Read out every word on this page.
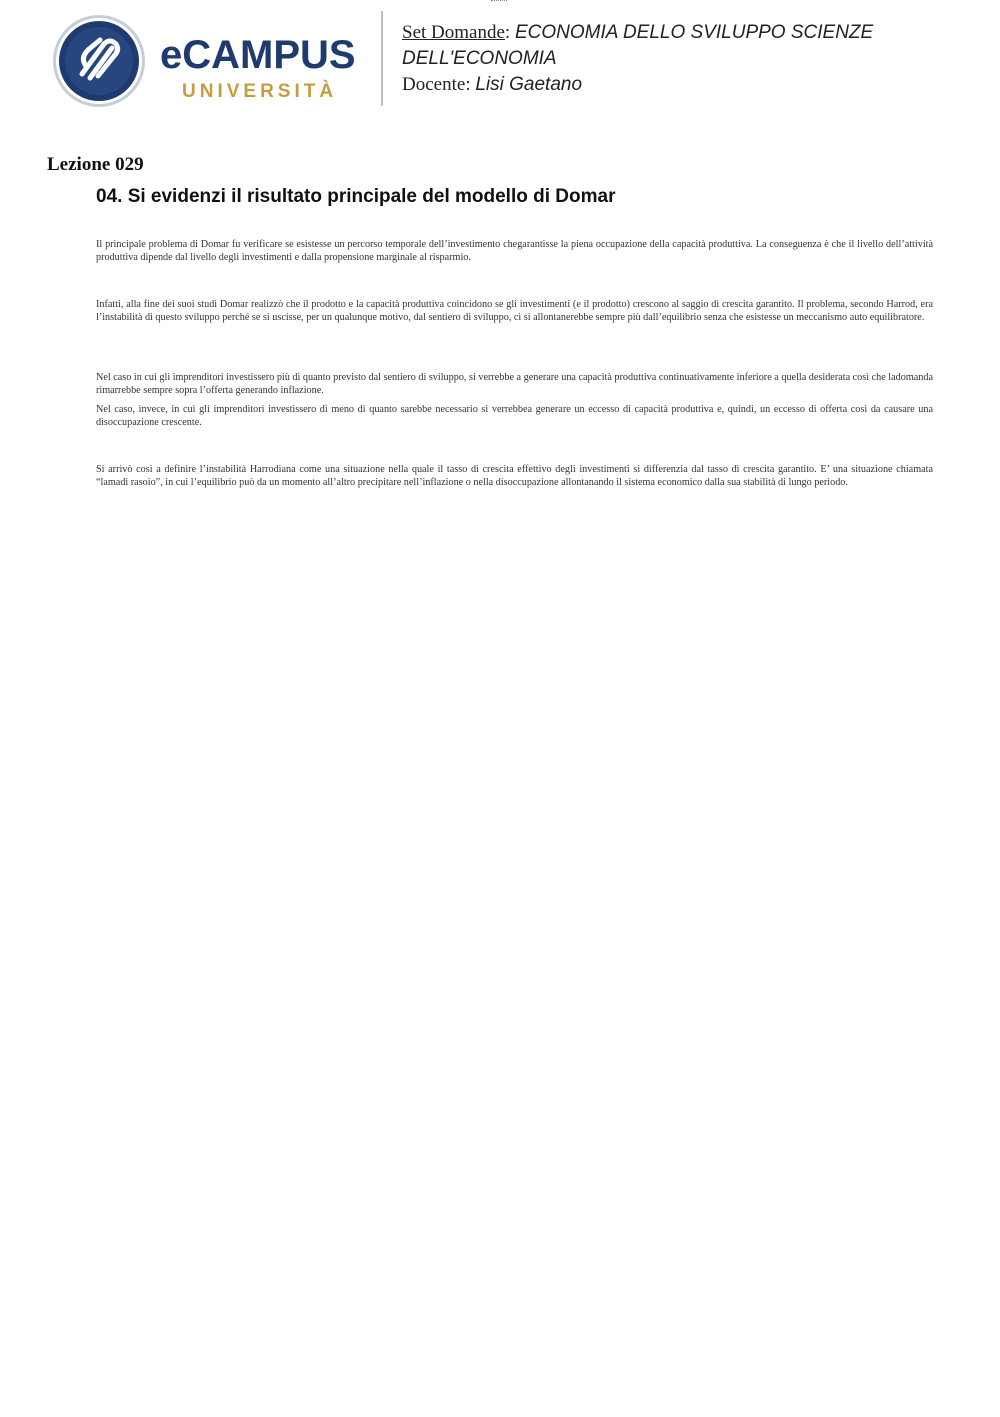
eCAMPUS
UNIVERSITÀ
Set Domande: ECONOMIA DELLO SVILUPPO SCIENZE DELL'ECONOMIA
Docente: Lisi Gaetano
Lezione 029
04. Si evidenzi il risultato principale del modello di Domar

Il principale problema di Domar fu verificare se esistesse un percorso temporale dell’investimento chegarantisse la piena occupazione della capacità produttiva. La conseguenza è che il livello dell’attività produttiva dipende dal livello degli investimenti e dalla propensione marginale al risparmio.

Infatti, alla fine dei suoi studi Domar realizzò che il prodotto e la capacità produttiva coincidono se gli investimenti (e il prodotto) crescono al saggio di crescita garantito. Il problema, secondo Harrod, era l’instabilità di questo sviluppo perché se si uscisse, per un qualunque motivo, dal sentiero di sviluppo, ci si allontanerebbe sempre più dall’equilibrio senza che esistesse un meccanismo auto equilibratore.

Nel caso in cui gli imprenditori investissero più di quanto previsto dal sentiero di sviluppo, si verrebbe a generare una capacità produttiva continuativamente inferiore a quella desiderata così che ladomanda rimarrebbe sempre sopra l’offerta generando inflazione.

Nel caso, invece, in cui gli imprenditori investissero di meno di quanto sarebbe necessario si verrebbea generare un eccesso di capacità produttiva e, quindi, un eccesso di offerta così da causare una disoccupazione crescente.

Si arrivò così a definire l’instabilità Harrodiana come una situazione nella quale il tasso di crescita effettivo degli investimenti si differenzia dal tasso di crescita garantito. E’ una situazione chiamata “lamadi rasoio”, in cui l’equilibrio può da un momento all’altro precipitare nell’inflazione o nella disoccupazione allontanando il sistema economico dalla sua stabilità di lungo periodo.
